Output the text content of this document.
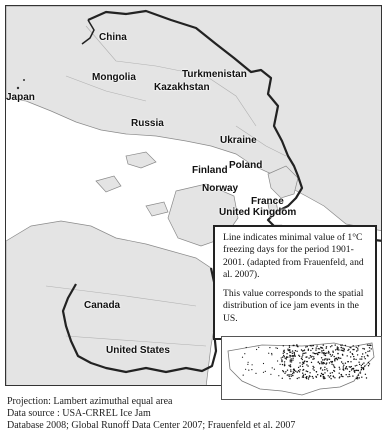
China
Mongolia	Turkmenistan
Kazakhstan
Japan
Russia
Ukraine
Finland Poland
Norway
France
United Kingdom
Canada
United States

Line indicates minimal value of 1°C freezing days for the period 1901-2001. (adapted from Frauenfeld, and al. 2007).

This value corresponds to the spatial distribution of ice jam events in the US.

Projection: Lambert azimuthal equal area
Data source : USA-CRREL Ice Jam
Database 2008; Global Runoff Data Center 2007; Frauenfeld et al. 2007
